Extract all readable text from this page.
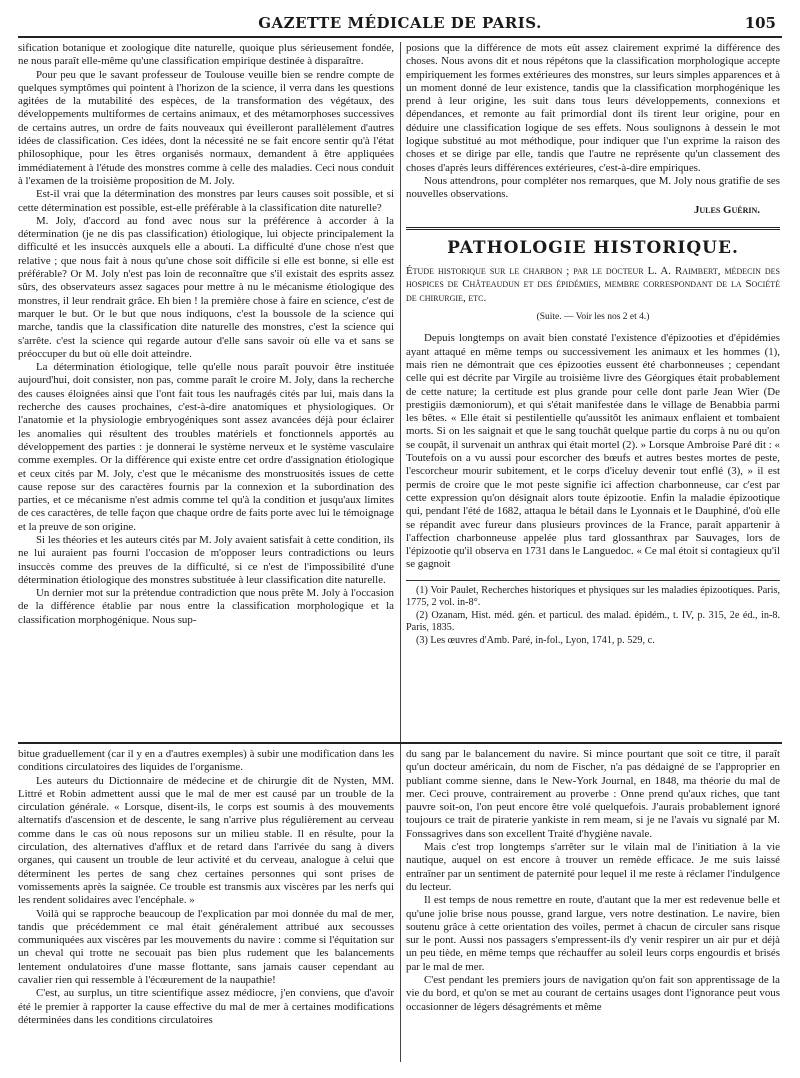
GAZETTE MÉDICALE DE PARIS.	105

sification botanique et zoologique dite naturelle, quoique plus sérieusement fondée, ne nous paraît elle-même qu'une classification empirique destinée à disparaître.

Pour peu que le savant professeur de Toulouse veuille bien se rendre compte de quelques symptômes qui pointent à l'horizon de la science, il verra dans les questions agitées de la mutabilité des espèces, de la transformation des végétaux, des développements multiformes de certains animaux, et des métamorphoses successives de certains autres, un ordre de faits nouveaux qui éveilleront parallèlement d'autres idées de classification. Ces idées, dont la nécessité ne se fait encore sentir qu'à l'état philosophique, pour les êtres organisés normaux, demandent à être appliquées immédiatement à l'étude des monstres comme à celle des maladies. Ceci nous conduit à l'examen de la troisième proposition de M. Joly.

Est-il vrai que la détermination des monstres par leurs causes soit possible, et si cette détermination est possible, est-elle préférable à la classification dite naturelle?

M. Joly, d'accord au fond avec nous sur la préférence à accorder à la détermination (je ne dis pas classification) étiologique, lui objecte principalement la difficulté et les insuccès auxquels elle a abouti. La difficulté d'une chose n'est que relative ; que nous fait à nous qu'une chose soit difficile si elle est bonne, si elle est préférable? Or M. Joly n'est pas loin de reconnaître que s'il existait des esprits assez sûrs, des observateurs assez sagaces pour mettre à nu le mécanisme étiologique des monstres, il leur rendrait grâce. Eh bien ! la première chose à faire en science, c'est de marquer le but. Or le but que nous indiquons, c'est la boussole de la science qui marche, tandis que la classification dite naturelle des monstres, c'est la science qui s'arrête. c'est la science qui regarde autour d'elle sans savoir où elle va et sans se préoccuper du but où elle doit atteindre.

La détermination étiologique, telle qu'elle nous paraît pouvoir être instituée aujourd'hui, doit consister, non pas, comme paraît le croire M. Joly, dans la recherche des causes éloignées ainsi que l'ont fait tous les naufragés cités par lui, mais dans la recherche des causes prochaines, c'est-à-dire anatomiques et physiologiques. Or l'anatomie et la physiologie embryogéniques sont assez avancées déjà pour éclairer les anomalies qui résultent des troubles matériels et fonctionnels apportés au développement des parties : je donnerai le système nerveux et le système vasculaire comme exemples. Or la différence qui existe entre cet ordre d'assignation étiologique et ceux cités par M. Joly, c'est que le mécanisme des monstruosités issues de cette cause repose sur des caractères fournis par la connexion et la subordination des parties, et ce mécanisme n'est admis comme tel qu'à la condition et jusqu'aux limites de ces caractères, de telle façon que chaque ordre de faits porte avec lui le témoignage et la preuve de son origine.

Si les théories et les auteurs cités par M. Joly avaient satisfait à cette condition, ils ne lui auraient pas fourni l'occasion de m'opposer leurs contradictions ou leurs insuccès comme des preuves de la difficulté, si ce n'est de l'impossibilité d'une détermination étiologique des monstres substituée à leur classification dite naturelle.

Un dernier mot sur la prétendue contradiction que nous prête M. Joly à l'occasion de la différence établie par nous entre la classification morphologique et la classification morphogénique. Nous sup-

posions que la différence de mots eût assez clairement exprimé la différence des choses. Nous avons dit et nous répétons que la classification morphologique accepte empiriquement les formes extérieures des monstres, sur leurs simples apparences et à un moment donné de leur existence, tandis que la classification morphogénique les prend à leur origine, les suit dans tous leurs développements, connexions et dépendances, et remonte au fait primordial dont ils tirent leur origine, pour en déduire une classification logique de ses effets. Nous soulignons à dessein le mot logique substitué au mot méthodique, pour indiquer que l'un exprime la raison des choses et se dirige par elle, tandis que l'autre ne représente qu'un classement des choses d'après leurs différences extérieures, c'est-à-dire empiriques.

Nous attendrons, pour compléter nos remarques, que M. Joly nous gratifie de ses nouvelles observations.

Jules Guérin.

PATHOLOGIE HISTORIQUE.

Étude historique sur le charbon ; par le docteur L. A. Raimbert, médecin des hospices de Châteaudun et des épidémies, membre correspondant de la Société de chirurgie, etc.

(Suite. — Voir les nos 2 et 4.)

Depuis longtemps on avait bien constaté l'existence d'épizooties et d'épidémies ayant attaqué en même temps ou successivement les animaux et les hommes (1), mais rien ne démontrait que ces épizooties eussent été charbonneuses ; cependant celle qui est décrite par Virgile au troisième livre des Géorgiques était probablement de cette nature; la certitude est plus grande pour celle dont parle Jean Wier (De prestigiis dæmoniorum), et qui s'était manifestée dans le village de Benabbia parmi les bêtes. « Elle était si pestilentielle qu'aussitôt les animaux enflaient et tombaient morts. Si on les saignait et que le sang touchât quelque partie du corps à nu ou qu'on se coupât, il survenait un anthrax qui était mortel (2). » Lorsque Ambroise Paré dit : « Toutefois on a vu aussi pour escorcher des bœufs et autres bestes mortes de peste, l'escorcheur mourir subitement, et le corps d'iceluy devenir tout enflé (3), » il est permis de croire que le mot peste signifie ici affection charbonneuse, car c'est par cette expression qu'on désignait alors toute épizootie. Enfin la maladie épizootique qui, pendant l'été de 1682, attaqua le bétail dans le Lyonnais et le Dauphiné, d'où elle se répandit avec fureur dans plusieurs provinces de la France, paraît appartenir à l'affection charbonneuse appelée plus tard glossanthrax par Sauvages, lors de l'épizootie qu'il observa en 1731 dans le Languedoc. « Ce mal étoit si contagieux qu'il se gagnoit

(1) Voir Paulet, Recherches historiques et physiques sur les maladies épizootiques. Paris, 1775, 2 vol. in-8°.

(2) Ozanam, Hist. méd. gén. et particul. des malad. épidém., t. IV, p. 315, 2e éd., in-8. Paris, 1835.

(3) Les œuvres d'Amb. Paré, in-fol., Lyon, 1741, p. 529, c.

bitue graduellement (car il y en a d'autres exemples) à subir une modification dans les conditions circulatoires des liquides de l'organisme.

Les auteurs du Dictionnaire de médecine et de chirurgie dit de Nysten, MM. Littré et Robin admettent aussi que le mal de mer est causé par un trouble de la circulation générale. « Lorsque, disent-ils, le corps est soumis à des mouvements alternatifs d'ascension et de descente, le sang n'arrive plus régulièrement au cerveau comme dans le cas où nous reposons sur un milieu stable. Il en résulte, pour la circulation, des alternatives d'afflux et de retard dans l'arrivée du sang à divers organes, qui causent un trouble de leur activité et du cerveau, analogue à celui que déterminent les pertes de sang chez certaines personnes qui sont prises de vomissements après la saignée. Ce trouble est transmis aux viscères par les nerfs qui les rendent solidaires avec l'encéphale. »

Voilà qui se rapproche beaucoup de l'explication par moi donnée du mal de mer, tandis que précédemment ce mal était généralement attribué aux secousses communiquées aux viscères par les mouvements du navire : comme si l'équitation sur un cheval qui trotte ne secouait pas bien plus rudement que les balancements lentement ondulatoires d'une masse flottante, sans jamais causer cependant au cavalier rien qui ressemble à l'écœurement de la naupathie!

C'est, au surplus, un titre scientifique assez médiocre, j'en conviens, que d'avoir été le premier à rapporter la cause effective du mal de mer à certaines modifications déterminées dans les conditions circulatoires

du sang par le balancement du navire. Si mince pourtant que soit ce titre, il paraît qu'un docteur américain, du nom de Fischer, n'a pas dédaigné de se l'approprier en publiant comme sienne, dans le New-York Journal, en 1848, ma théorie du mal de mer. Ceci prouve, contrairement au proverbe : Onne prend qu'aux riches, que tant pauvre soit-on, l'on peut encore être volé quelquefois. J'aurais probablement ignoré toujours ce trait de piraterie yankiste in rem meam, si je ne l'avais vu signalé par M. Fonssagrives dans son excellent Traité d'hygiène navale.

Mais c'est trop longtemps s'arrêter sur le vilain mal de l'initiation à la vie nautique, auquel on est encore à trouver un remède efficace. Je me suis laissé entraîner par un sentiment de paternité pour lequel il me reste à réclamer l'indulgence du lecteur.

Il est temps de nous remettre en route, d'autant que la mer est redevenue belle et qu'une jolie brise nous pousse, grand largue, vers notre destination. Le navire, bien soutenu grâce à cette orientation des voiles, permet à chacun de circuler sans risque sur le pont. Aussi nos passagers s'empressent-ils d'y venir respirer un air pur et déjà un peu tiède, en même temps que réchauffer au soleil leurs corps engourdis et brisés par le mal de mer.

C'est pendant les premiers jours de navigation qu'on fait son apprentissage de la vie du bord, et qu'on se met au courant de certains usages dont l'ignorance peut vous occasionner de légers désagréments et même
